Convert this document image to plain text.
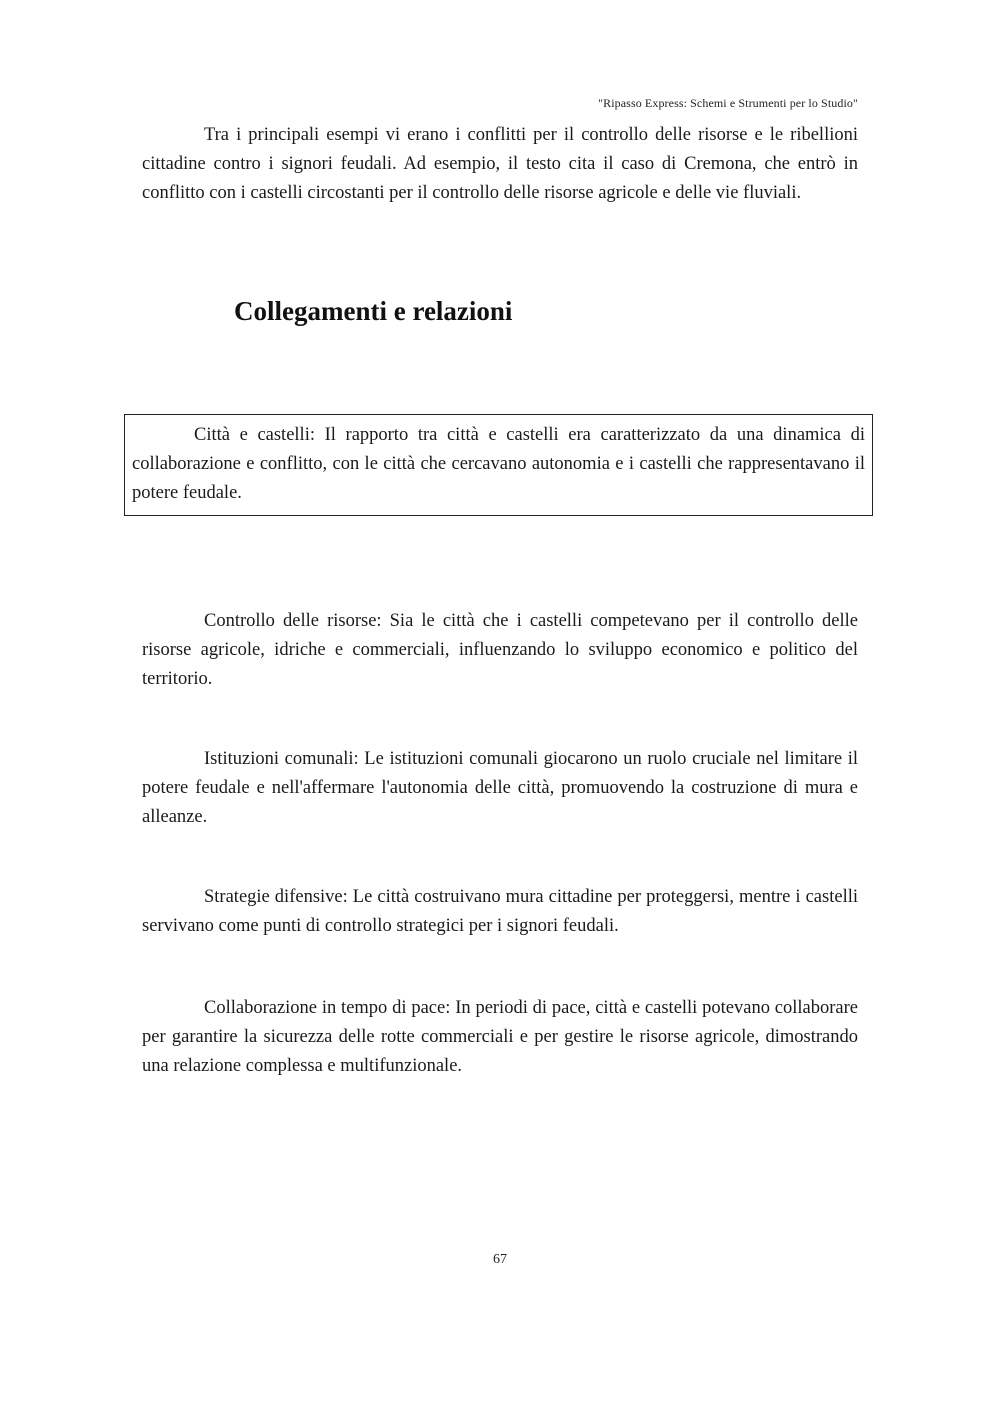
"Ripasso Express: Schemi e Strumenti per lo Studio"

Tra i principali esempi vi erano i conflitti per il controllo delle risorse e le ribellioni cittadine contro i signori feudali. Ad esempio, il testo cita il caso di Cremona, che entrò in conflitto con i castelli circostanti per il controllo delle risorse agricole e delle vie fluviali.

Collegamenti e relazioni

Città e castelli: Il rapporto tra città e castelli era caratterizzato da una dinamica di collaborazione e conflitto, con le città che cercavano autonomia e i castelli che rappresentavano il potere feudale.

Controllo delle risorse: Sia le città che i castelli competevano per il controllo delle risorse agricole, idriche e commerciali, influenzando lo sviluppo economico e politico del territorio.

Istituzioni comunali: Le istituzioni comunali giocarono un ruolo cruciale nel limitare il potere feudale e nell'affermare l'autonomia delle città, promuovendo la costruzione di mura e alleanze.

Strategie difensive: Le città costruivano mura cittadine per proteggersi, mentre i castelli servivano come punti di controllo strategici per i signori feudali.

Collaborazione in tempo di pace: In periodi di pace, città e castelli potevano collaborare per garantire la sicurezza delle rotte commerciali e per gestire le risorse agricole, dimostrando una relazione complessa e multifunzionale.

67
